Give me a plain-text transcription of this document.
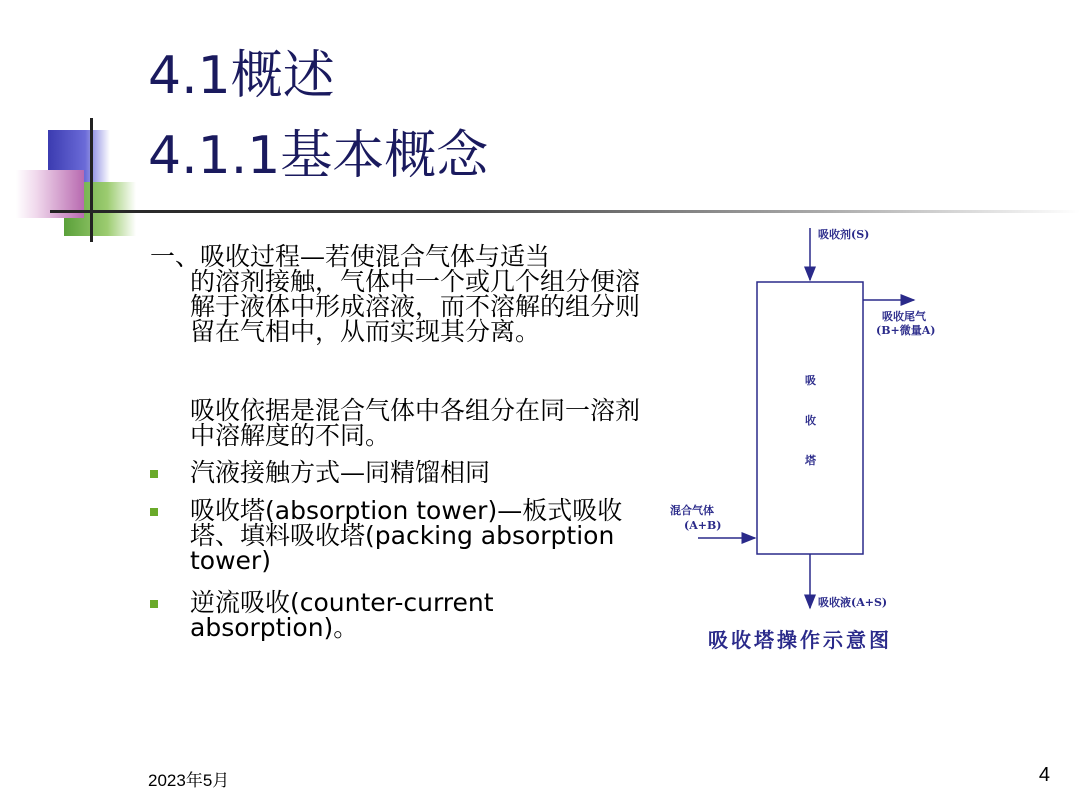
4.1概述
4.1.1基本概念
一、吸收过程—若使混合气体与适当
的溶剂接触，气体中一个或几个组分便溶解于液体中形成溶液，而不溶解的组分则留在气相中，从而实现其分离。
吸收依据是混合气体中各组分在同一溶剂中溶解度的不同。
汽液接触方式—同精馏相同
吸收塔(absorption tower)—板式吸收塔、填料吸收塔(packing absorption tower)
逆流吸收(counter-current absorption)。
吸收剂(S)
吸收尾气
(B+微量A)
吸
收
塔
混合气体
(A+B)
吸收液(A+S)
吸收塔操作示意图
2023年5月	4
